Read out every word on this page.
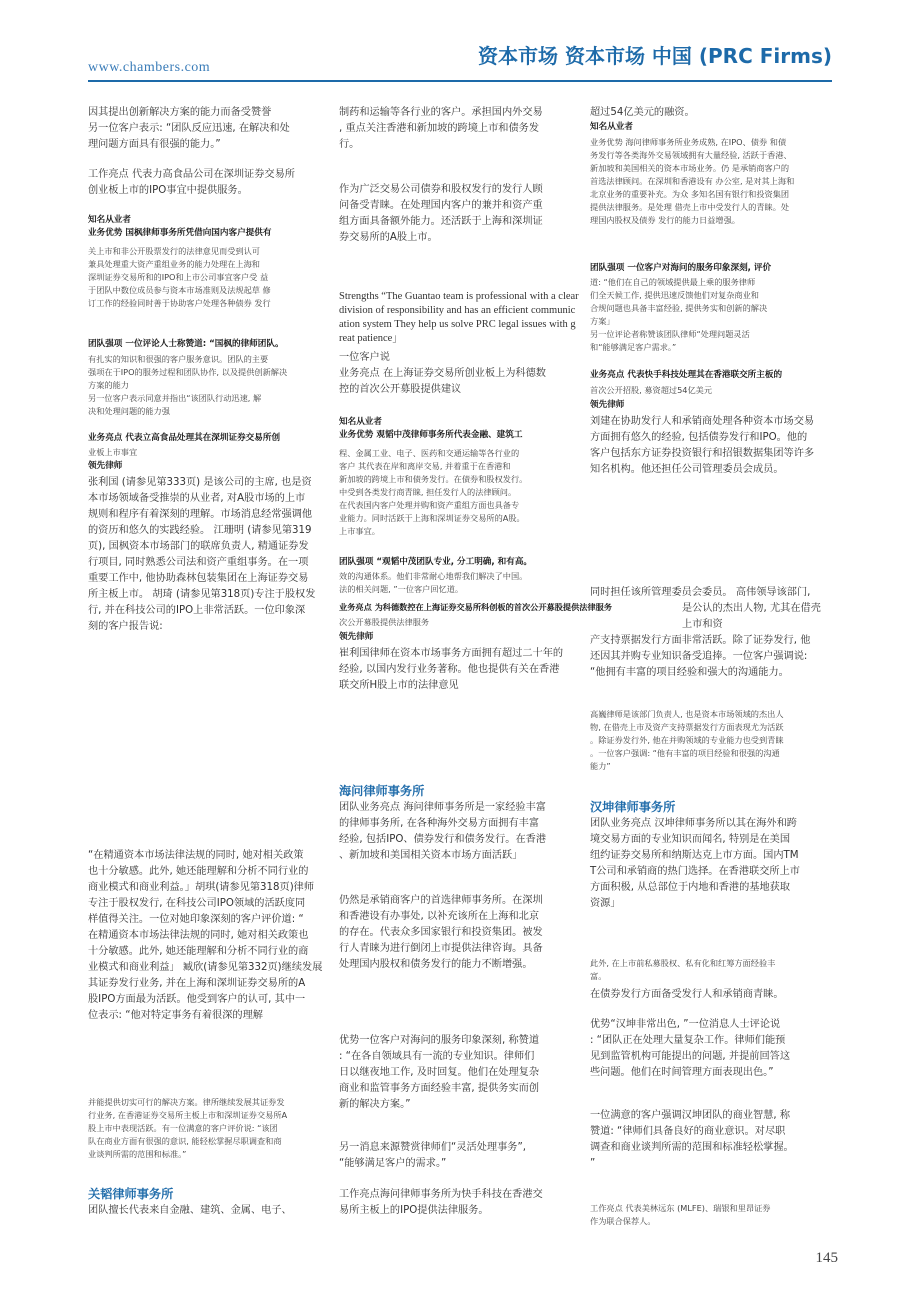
www.chambers.com	资本市场 资本市场 中国 (PRC Firms)
因其提出创新解决方案的能力而备受赞誉
另一位客户表示: “团队反应迅速, 在解决和处
理问题方面具有很强的能力。”
工作亮点 代表力高食品公司在深圳证券交易所
创业板上市的IPO事宜中提供服务。
知名从业者
业务优势 国枫律师事务所凭借向国内客户提供有
关上市和非公开股票发行的法律意见而受到认可
兼具处理重大资产重组业务的能力处理在上海和
深圳证券交易所和的IPO和上市公司事宜客户受 益
于团队中数位成员参与资本市场准则及法规起草 修
订工作的经验同时善于协助客户处理各种债券 发行
团队强项 一位评论人士称赞道: “国枫的律师团队。
有扎实的知识和很强的客户服务意识。团队的主要
强项在于IPO的服务过程和团队协作, 以及提供创新解决
方案的能力
另一位客户表示同意并指出“该团队行动迅速, 解
决和处理问题的能力强
业务亮点 代表立高食品处理其在深圳证券交易所创
业板上市事宜
领先律师
张利国 (请参见第333页) 是该公司的主席, 也是资
本市场领域备受推崇的从业者, 对A股市场的上市
规则和程序有着深刻的理解。市场消息经常强调他
的资历和悠久的实践经验。 江珊明 (请参见第319
页), 国枫资本市场部门的联席负责人, 精通证券发
行项目, 同时熟悉公司法和资产重组事务。在一项
重要工作中, 他协助森林包装集团在上海证券交易
所主板上市。 胡琦 (请参见第318页)专注于股权发
行, 并在科技公司的IPO上非常活跃。一位印象深
刻的客户报告说:
“在精通资本市场法律法规的同时, 她对相关政策
也十分敏感。此外, 她还能理解和分析不同行业的
商业模式和商业利益。」胡琪(请参见第318页)律师
专注于股权发行, 在科技公司IPO领域的活跃度同
样值得关注。一位对她印象深刻的客户评价道: “
在精通资本市场法律法规的同时, 她对相关政策也
十分敏感。此外, 她还能理解和分析不同行业的商
业模式和商业利益」 臧欣(请参见第332页)继续发展
其证券发行业务, 并在上海和深圳证券交易所的A
股IPO方面最为活跃。他受到客户的认可, 其中一
位表示: “他对特定事务有着很深的理解
并能提供切实可行的解决方案。律所继续发展其证券发
行业务, 在香港证券交易所主板上市和深圳证券交易所A
股上市中表现活跃。有一位满意的客户评价说: “该团
队在商业方面有很强的意识, 能轻松掌握尽职调查和商
业谈判所需的范围和标准。”
关韬律师事务所
团队擅长代表来自金融、建筑、金属、电子、
制药和运输等各行业的客户。承担国内外交易
, 重点关注香港和新加坡的跨境上市和债务发
行。
作为广泛交易公司债券和股权发行的发行人顾
问备受青睐。在处理国内客户的兼并和资产重
组方面具备额外能力。还活跃于上海和深圳证
券交易所的A股上市。
Strengths “The Guantao team is professional with a clear division of responsibility and has an efficient communication system They help us solve PRC legal issues with great patience」
一位客户说
业务亮点 在上海证券交易所创业板上为科德数
控的首次公开募股提供建议
知名从业者
业务优势 观韬中茂律师事务所代表金融、建筑工
程、金属工业、电子、医药和交通运输等各行业的
客户 其代表在岸和离岸交易, 并着重于在香港和
新加坡的跨境上市和债务发行。在债券和股权发行。
中受到各类发行商青睐, 担任发行人的法律顾问。
在代表国内客户处理并购和资产重组方面也具备专
业能力。同时活跃于上海和深圳证券交易所的A股。
上市事宜。
团队强项 “观韬中茂团队专业, 分工明确, 和有高。
效的沟通体系。他们非常耐心地帮我们解决了中国。
法的相关问题, ”一位客户回忆道。
业务亮点 为科德数控在上海证券交易所科创板的首次公开募股提供法律服务
次公开募股提供法律服务
领先律师
崔利国律师在资本市场事务方面拥有超过二十年的
经验, 以国内发行业务著称。他也提供有关在香港
联交所H股上市的法律意见
海问律师事务所
团队业务亮点 海问律师事务所是一家经验丰富
的律师事务所, 在各种海外交易方面拥有丰富
经验, 包括IPO、债券发行和债务发行。在香港
、新加坡和美国相关资本市场方面活跃」
仍然是承销商客户的首选律师事务所。在深圳
和香港设有办事处, 以补充该所在上海和北京
的存在。代表众多国家银行和投资集团。被发
行人青睐为进行倒闭上市提供法律咨询。具备
处理国内股权和债务发行的能力不断增强。
优势一位客户对海问的服务印象深刻, 称赞道
: “在各自领域具有一流的专业知识。律师们
日以继夜地工作, 及时回复。他们在处理复杂
商业和监管事务方面经验丰富, 提供务实而创
新的解决方案。”
另一消息来源赞赏律师们“灵活处理事务”,
“能够满足客户的需求。”
工作亮点海问律师事务所为快手科技在香港交
易所主板上的IPO提供法律服务。
超过54亿美元的融资。
知名从业者
业务优势 海问律师事务所业务成熟, 在IPO、债券 和债
务发行等各类海外交易领域拥有大量经验, 活跃于香港、
新加坡和美国相关的资本市场业务。仍 是承销商客户的
首选法律顾问。在深圳和香港设有 办公室, 是对其上海和
北京业务的重要补充。为众 多知名国有银行和投资集团
提供法律服务。是处理 借壳上市中受发行人的青睐。处
理国内股权及债券 发行的能力日益增强。
团队强项 一位客户对海问的服务印象深刻, 评价
道: “他们在自己的领域提供最上乘的服务律师
们全天候工作, 提供迅速反馈他们对复杂商业和
合规问题也具备丰富经验, 提供务实和创新的解决
方案」
另一位评论者称赞该团队律师“处理问题灵活
和“能够满足客户需求。”
业务亮点 代表快手科技处理其在香港联交所主板的
首次公开招股, 募资超过54亿美元
领先律师
刘建在协助发行人和承销商处理各种资本市场交易
方面拥有悠久的经验, 包括债券发行和IPO。他的
客户包括东方证券投资银行和招银数据集团等许多
知名机构。他还担任公司管理委员会成员。
同时担任该所管理委员会委员。 高伟领导该部门,
是公认的杰出人物, 尤其在借壳上市和资
产支持票据发行方面非常活跃。除了证券发行, 他
还因其并购专业知识备受追捧。一位客户强调说:
“他拥有丰富的项目经验和强大的沟通能力。
高巍律师是该部门负责人, 也是资本市场领域的杰出人
物, 在借壳上市及资产支持票据发行方面表现尤为活跃
。除证券发行外, 他在并购领域的专业能力也受到青睐
。一位客户强调: “他有丰富的项目经验和很强的沟通
能力”
汉坤律师事务所
团队业务亮点 汉坤律师事务所以其在海外和跨
境交易方面的专业知识而闻名, 特别是在美国
纽约证券交易所和纳斯达克上市方面。国内TM
T公司和承销商的热门选择。在香港联交所上市
方面积极, 从总部位于内地和香港的基地获取
资源」
此外, 在上市前私募股权、私有化和红筹方面经验丰
富。
在债券发行方面备受发行人和承销商青睐。
优势“汉坤非常出色, ”一位消息人士评论说
: “团队正在处理大量复杂工作。律师们能预
见到监管机构可能提出的问题, 并提前回答这
些问题。他们在时间管理方面表现出色。”
一位满意的客户强调汉坤团队的商业智慧, 称
赞道: “律师们具备良好的商业意识。对尽职
调查和商业谈判所需的范围和标准轻松掌握。
”
工作亮点 代表美林远东 (MLFE)、瑞银和里昂证券
作为联合保荐人。
145
